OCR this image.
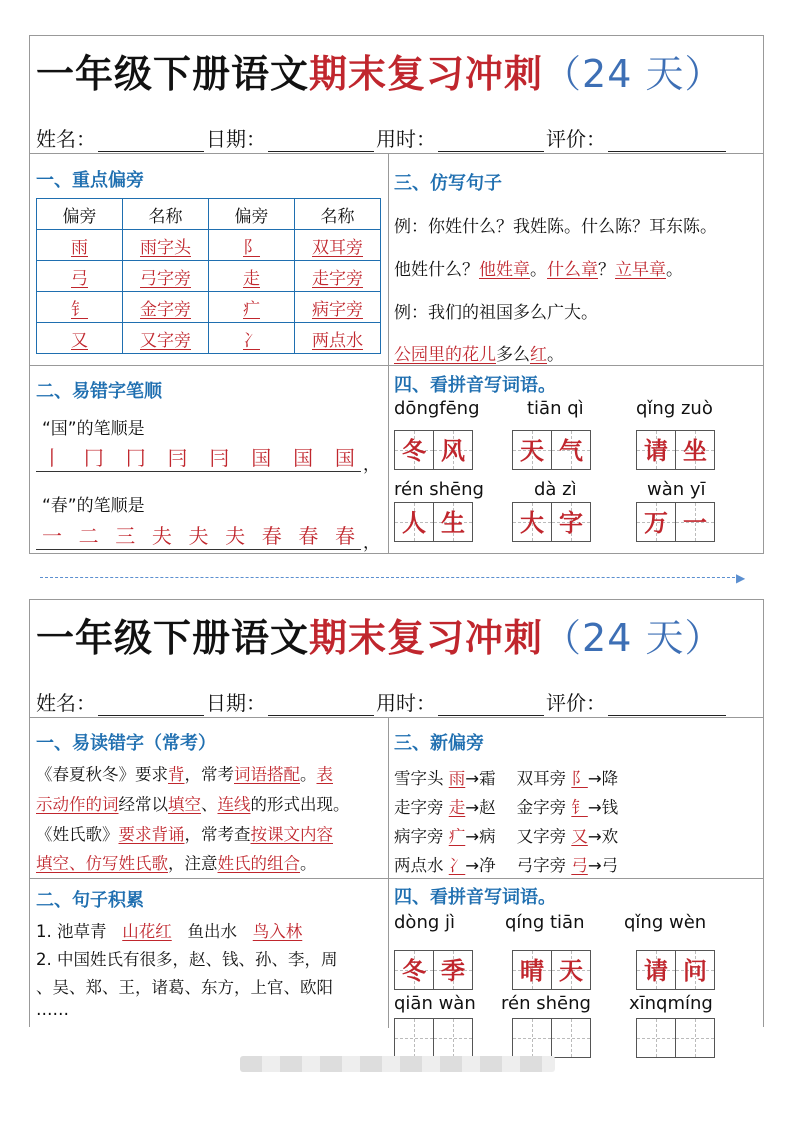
一年级下册语文期末复习冲刺（24 天）
姓名：	日期：	用时：	评价：
一、重点偏旁
偏旁	名称	偏旁	名称
雨	雨字头	阝	双耳旁
弓	弓字旁	走	走字旁
钅	金字旁	疒	病字旁
又	又字旁	冫	两点水
二、易错字笔顺
“国”的笔顺是
丨 冂 冂 冃 冃 国 国 国 ，
“春”的笔顺是
一 二 三 夫 夫 夫 春 春 春 ，
三、仿写句子
例：你姓什么？我姓陈。什么陈？耳东陈。
他姓什么？他姓章。什么章？立早章。
例：我们的祖国多么广大。
公园里的花儿多么红。
四、看拼音写词语。
dōngfēng
冬 风
tiān qì
天 气
qǐng zuò
请 坐
rén shēng
人 生
dà zì
大 字
wàn yī
万 一
▶
一年级下册语文期末复习冲刺（24 天）
姓名：	日期：	用时：	评价：
一、易读错字（常考）
《春夏秋冬》要求背，常考词语搭配。表
示动作的词经常以填空、连线的形式出现。
《姓氏歌》要求背诵，常考查按课文内容
填空、仿写姓氏歌，注意姓氏的组合。
二、句子积累
1. 池草青 山花红 鱼出水 鸟入林
2. 中国姓氏有很多，赵、钱、孙、李，周
、吴、郑、王，诸葛、东方，上官、欧阳
……
三、新偏旁
雪字头 雨→霜 双耳旁 阝→降
走字旁 走→赵 金字旁 钅→钱
病字旁 疒→病 又字旁 又→欢
两点水 冫→净 弓字旁 弓→弓
四、看拼音写词语。
dòng jì
冬 季
qíng tiān
晴 天
qǐng wèn
请 问
qiān wàn rén shēng xīnqmíng
